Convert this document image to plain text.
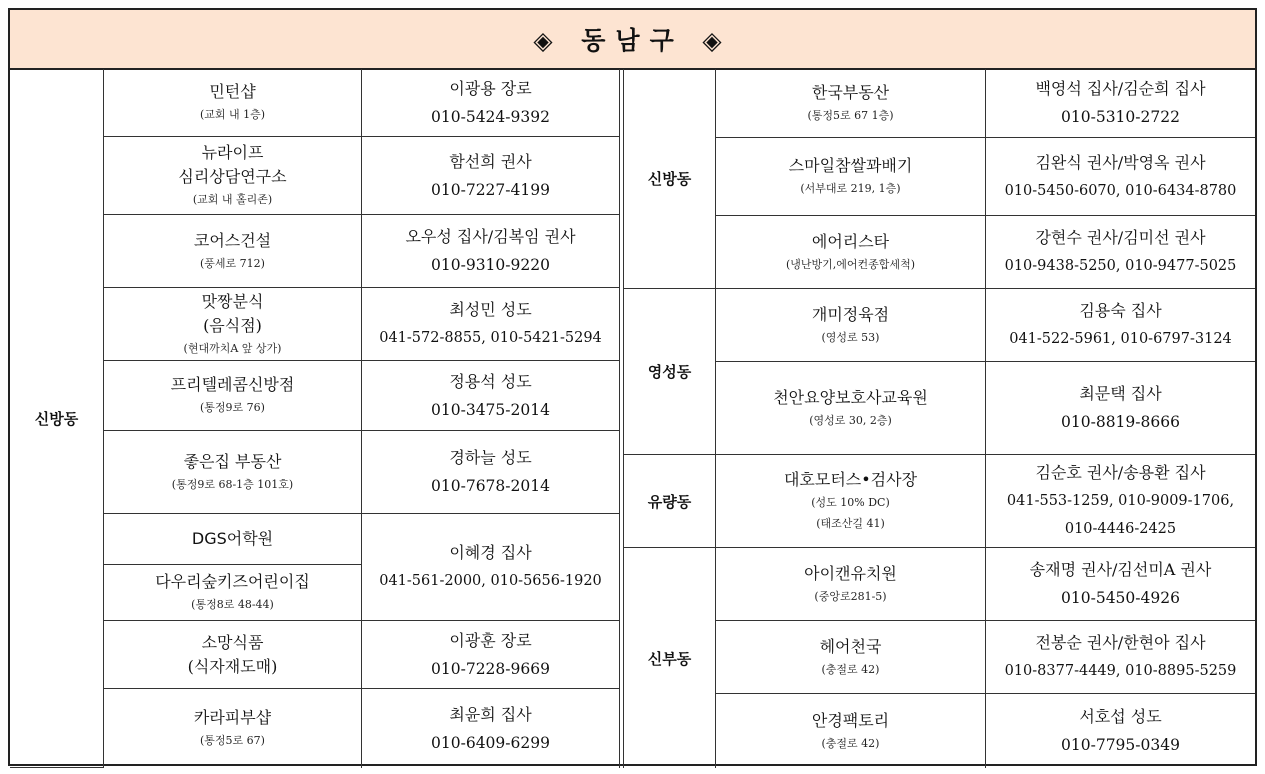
◈ 동남구 ◈
신방동
민턴샵
(교회 내 1층)
뉴라이프
심리상담연구소
(교회 내 홀리존)
코어스건설
(풍세로 712)
맛짱분식
(음식점)
(현대까치A 앞 상가)
프리텔레콤신방점
(통정9로 76)
좋은집 부동산
(통정9로 68-1층 101호)
DGS어학원
다우리숲키즈어린이집
(통정8로 48-44)
소망식품
(식자재도매)
카라피부샵
(통정5로 67)
이광용 장로
010-5424-9392
함선희 권사
010-7227-4199
오우성 집사/김복임 권사
010-9310-9220
최성민 성도
041-572-8855, 010-5421-5294
정용석 성도
010-3475-2014
경하늘 성도
010-7678-2014
이혜경 집사
041-561-2000, 010-5656-1920
이광훈 장로
010-7228-9669
최윤희 집사
010-6409-6299
신방동
영성동
유량동
신부동
한국부동산
(통정5로 67 1층)
스마일참쌀꽈배기
(서부대로 219, 1층)
에어리스타
(냉난방기,에어컨종합세척)
개미정육점
(영성로 53)
천안요양보호사교육원
(영성로 30, 2층)
대호모터스•검사장
(성도 10% DC)
(태조산길 41)
아이캔유치원
(중앙로281-5)
헤어천국
(충절로 42)
안경팩토리
(충절로 42)
백영석 집사/김순희 집사
010-5310-2722
김완식 권사/박영옥 권사
010-5450-6070, 010-6434-8780
강현수 권사/김미선 권사
010-9438-5250, 010-9477-5025
김용숙 집사
041-522-5961, 010-6797-3124
최문택 집사
010-8819-8666
김순호 권사/송용환 집사
041-553-1259, 010-9009-1706,
010-4446-2425
송재명 권사/김선미A 권사
010-5450-4926
전봉순 권사/한현아 집사
010-8377-4449, 010-8895-5259
서호섭 성도
010-7795-0349
